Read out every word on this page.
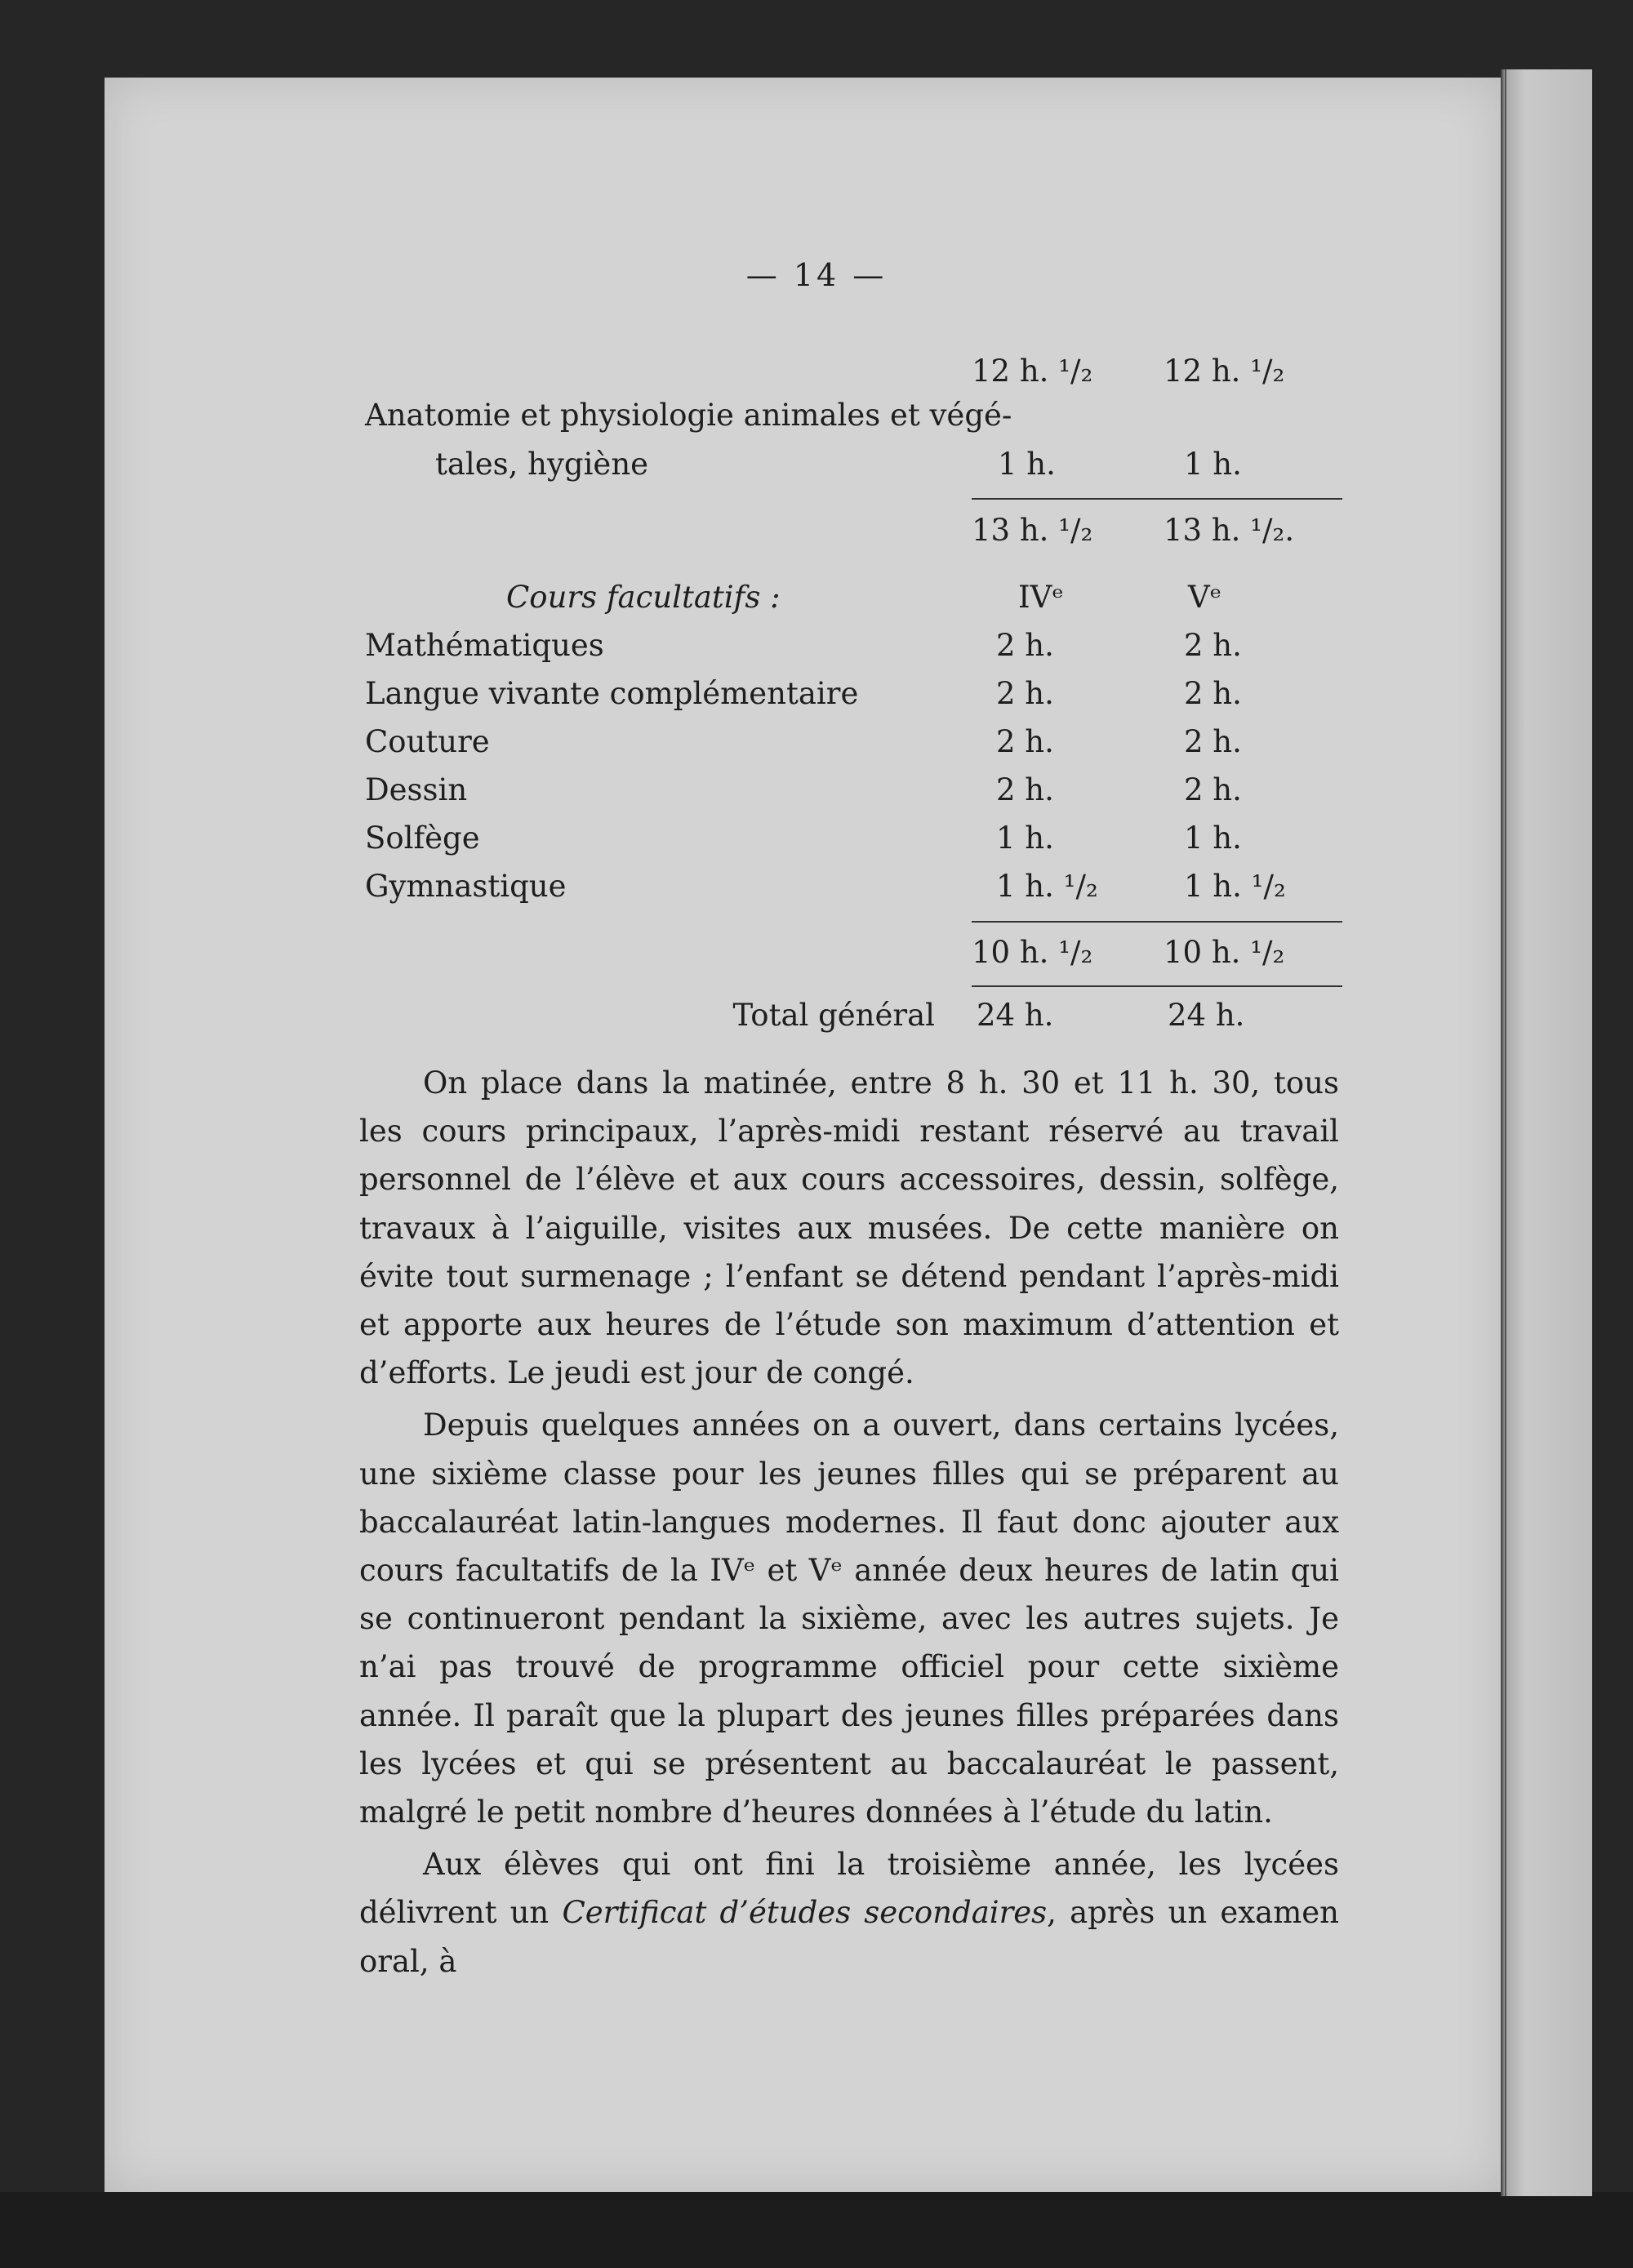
— 14 —
12 h. ¹/₂ 12 h. ¹/₂
Anatomie et physiologie animales et végé-
tales, hygiène	1 h.	1 h.
13 h. ¹/₂ 13 h. ¹/₂.
Cours facultatifs :	IVᵉ	Vᵉ
Mathématiques	2 h.	2 h.
Langue vivante complémentaire	2 h.	2 h.
Couture	2 h.	2 h.
Dessin	2 h.	2 h.
Solfège	1 h.	1 h.
Gymnastique	1 h. ¹/₂	1 h. ¹/₂
10 h. ¹/₂ 10 h. ¹/₂
Total général 24 h.	24 h.

On place dans la matinée, entre 8 h. 30 et 11 h. 30, tous les cours principaux, l’après-midi restant réservé au travail personnel de l’élève et aux cours accessoires, dessin, solfège, travaux à l’aiguille, visites aux musées. De cette manière on évite tout surmenage ; l’enfant se détend pendant l’après-midi et apporte aux heures de l’étude son maximum d’attention et d’efforts. Le jeudi est jour de congé.

Depuis quelques années on a ouvert, dans certains lycées, une sixième classe pour les jeunes filles qui se préparent au baccalauréat latin-langues modernes. Il faut donc ajouter aux cours facultatifs de la IVᵉ et Vᵉ année deux heures de latin qui se continueront pendant la sixième, avec les autres sujets. Je n’ai pas trouvé de programme officiel pour cette sixième année. Il paraît que la plupart des jeunes filles préparées dans les lycées et qui se présentent au baccalauréat le passent, malgré le petit nombre d’heures données à l’étude du latin.

Aux élèves qui ont fini la troisième année, les lycées délivrent un Certificat d’études secondaires, après un examen oral, à
